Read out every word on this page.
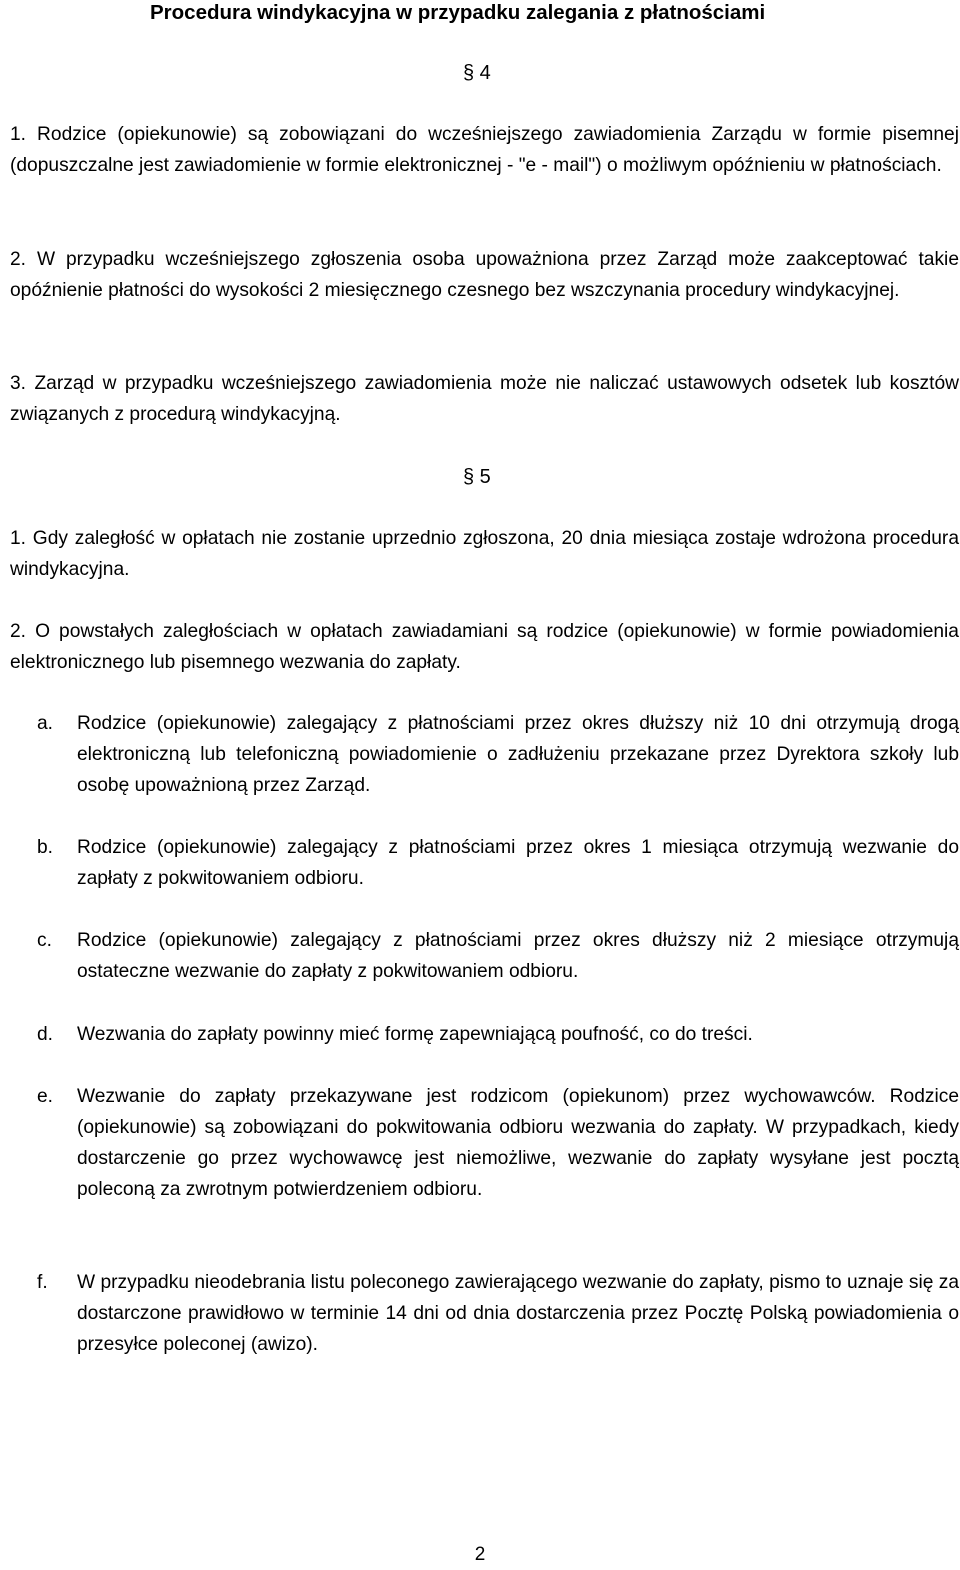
Procedura windykacyjna w przypadku zalegania z płatnościami
§ 4
1. Rodzice (opiekunowie) są zobowiązani do wcześniejszego zawiadomienia Zarządu w formie pisemnej (dopuszczalne jest zawiadomienie w formie elektronicznej - "e - mail") o możliwym opóźnieniu w płatnościach.
2. W przypadku wcześniejszego zgłoszenia osoba upoważniona przez Zarząd może zaakceptować takie opóźnienie płatności do wysokości 2 miesięcznego czesnego bez wszczynania procedury windykacyjnej.
3. Zarząd w przypadku wcześniejszego zawiadomienia może nie naliczać ustawowych odsetek lub kosztów związanych z procedurą windykacyjną.
§ 5
1. Gdy zaległość w opłatach nie zostanie uprzednio zgłoszona, 20 dnia miesiąca zostaje wdrożona procedura windykacyjna.
2. O powstałych zaległościach w opłatach zawiadamiani są rodzice (opiekunowie) w formie powiadomienia elektronicznego lub pisemnego wezwania do zapłaty.
a.	Rodzice (opiekunowie) zalegający z płatnościami przez okres dłuższy niż 10 dni otrzymują drogą elektroniczną lub telefoniczną powiadomienie o zadłużeniu przekazane przez Dyrektora szkoły lub osobę upoważnioną przez Zarząd.
b.	Rodzice (opiekunowie) zalegający z płatnościami przez okres 1 miesiąca otrzymują wezwanie do zapłaty z pokwitowaniem odbioru.
c.	Rodzice (opiekunowie) zalegający z płatnościami przez okres dłuższy niż 2 miesiące otrzymują ostateczne wezwanie do zapłaty z pokwitowaniem odbioru.
d.	Wezwania do zapłaty powinny mieć formę zapewniającą poufność, co do treści.
e.	Wezwanie do zapłaty przekazywane jest rodzicom (opiekunom) przez wychowawców. Rodzice (opiekunowie) są zobowiązani do pokwitowania odbioru wezwania do zapłaty. W przypadkach, kiedy dostarczenie go przez wychowawcę jest niemożliwe, wezwanie do zapłaty wysyłane jest pocztą poleconą za zwrotnym potwierdzeniem odbioru.
f.	W przypadku nieodebrania listu poleconego zawierającego wezwanie do zapłaty, pismo to uznaje się za dostarczone prawidłowo w terminie 14 dni od dnia dostarczenia przez Pocztę Polską powiadomienia o przesyłce poleconej (awizo).
2
